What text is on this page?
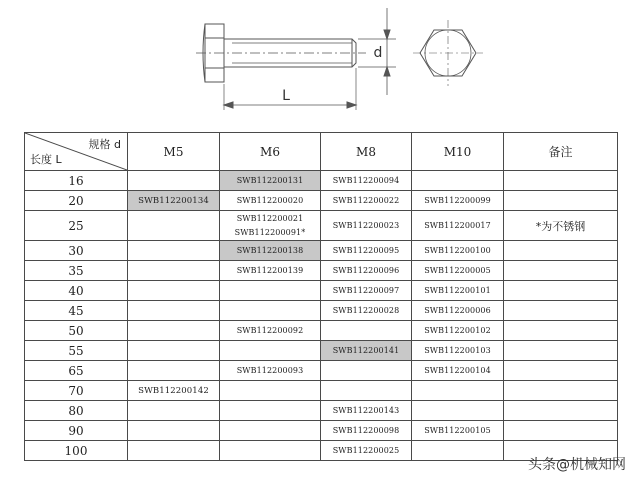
L
d
规格 d
长度 L	M5	M6	M8	M10	备注
16		SWB112200131	SWB112200094		

20	SWB112200134	SWB112200020	SWB112200022	SWB112200099	

25		SWB112200021
SWB112200091*	SWB112200023	SWB112200017	*为不锈钢
30		SWB112200138	SWB112200095	SWB112200100	

35		SWB112200139	SWB112200096	SWB112200005	

40			SWB112200097	SWB112200101	

45			SWB112200028	SWB112200006	

50		SWB112200092		SWB112200102	

55			SWB112200141	SWB112200103	

65		SWB112200093		SWB112200104	

70	SWB112200142				

80			SWB112200143		

90			SWB112200098	SWB112200105	

100			SWB112200025		

头条@机械知网
